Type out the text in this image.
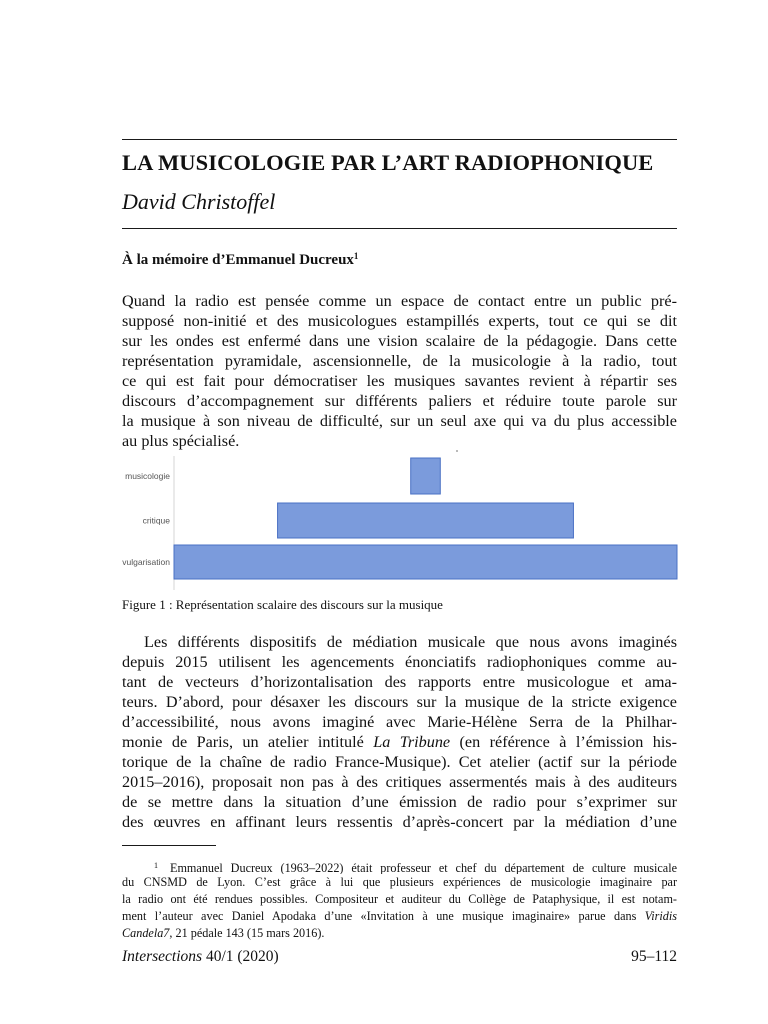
LA MUSICOLOGIE PAR L’ART RADIOPHONIQUE
David Christoffel
À la mémoire d’Emmanuel Ducreux$^1$
Quand la radio est pensée comme un espace de contact entre un public pré-
supposé non-initié et des musicologues estampillés experts, tout ce qui se dit
sur les ondes est enfermé dans une vision scalaire de la pédagogie. Dans cette
représentation pyramidale, ascensionnelle, de la musicologie à la radio, tout
ce qui est fait pour démocratiser les musiques savantes revient à répartir ses
discours d’accompagnement sur différents paliers et réduire toute parole sur
la musique à son niveau de difficulté, sur un seul axe qui va du plus accessible
au plus spécialisé.
musicologie
critique
vulgarisation
Figure 1 : Représentation scalaire des discours sur la musique
Les différents dispositifs de médiation musicale que nous avons imaginés
depuis 2015 utilisent les agencements énonciatifs radiophoniques comme au-
tant de vecteurs d’horizontalisation des rapports entre musicologue et ama-
teurs. D’abord, pour désaxer les discours sur la musique de la stricte exigence
d’accessibilité, nous avons imaginé avec Marie-Hélène Serra de la Philhar-
monie de Paris, un atelier intitulé La Tribune (en référence à l’émission his-
torique de la chaîne de radio France-Musique). Cet atelier (actif sur la période
2015–2016), proposait non pas à des critiques assermentés mais à des auditeurs
de se mettre dans la situation d’une émission de radio pour s’exprimer sur
des œuvres en affinant leurs ressentis d’après-concert par la médiation d’une
1 Emmanuel Ducreux (1963–2022) était professeur et chef du département de culture musicale
du CNSMD de Lyon. C’est grâce à lui que plusieurs expériences de musicologie imaginaire par
la radio ont été rendues possibles. Compositeur et auditeur du Collège de Pataphysique, il est notam-
ment l’auteur avec Daniel Apodaka d’une «Invitation à une musique imaginaire» parue dans Viridis
Candela7, 21 pédale 143 (15 mars 2016).
Intersections 40/1 (2020)	95–112
